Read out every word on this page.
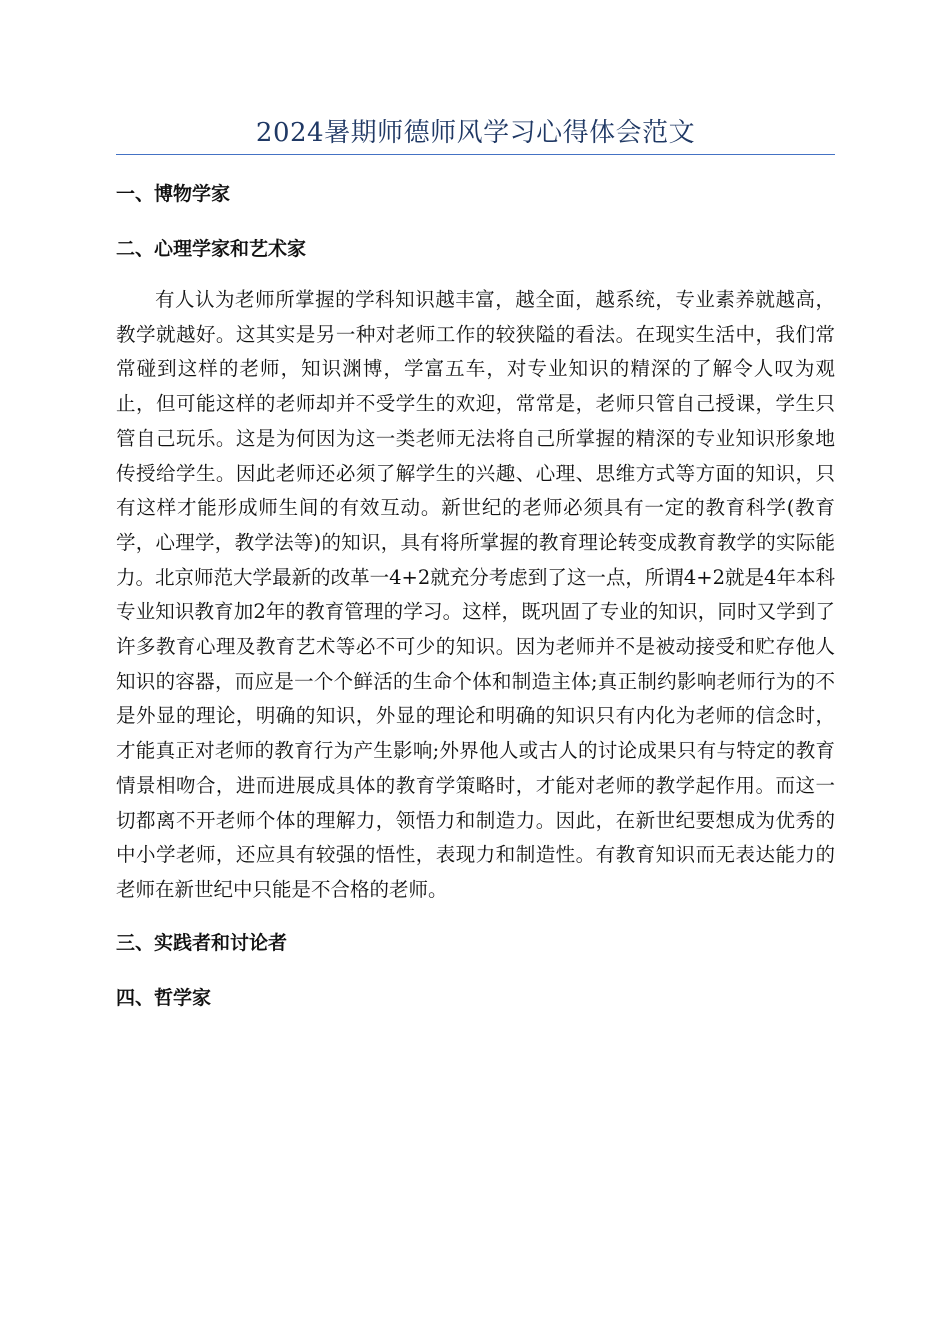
2024暑期师德师风学习心得体会范文
一、博物学家
二、心理学家和艺术家

有人认为老师所掌握的学科知识越丰富，越全面，越系统，专业素养就越高，教学就越好。这其实是另一种对老师工作的较狭隘的看法。在现实生活中，我们常常碰到这样的老师，知识渊博，学富五车，对专业知识的精深的了解令人叹为观止，但可能这样的老师却并不受学生的欢迎，常常是，老师只管自己授课，学生只管自己玩乐。这是为何因为这一类老师无法将自己所掌握的精深的专业知识形象地传授给学生。因此老师还必须了解学生的兴趣、心理、思维方式等方面的知识，只有这样才能形成师生间的有效互动。新世纪的老师必须具有一定的教育科学(教育学，心理学，教学法等)的知识，具有将所掌握的教育理论转变成教育教学的实际能力。北京师范大学最新的改革一4+2就充分考虑到了这一点，所谓4+2就是4年本科专业知识教育加2年的教育管理的学习。这样，既巩固了专业的知识，同时又学到了许多教育心理及教育艺术等必不可少的知识。因为老师并不是被动接受和贮存他人知识的容器，而应是一个个鲜活的生命个体和制造主体;真正制约影响老师行为的不是外显的理论，明确的知识，外显的理论和明确的知识只有内化为老师的信念时，才能真正对老师的教育行为产生影响;外界他人或古人的讨论成果只有与特定的教育情景相吻合，进而进展成具体的教育学策略时，才能对老师的教学起作用。而这一切都离不开老师个体的理解力，领悟力和制造力。因此，在新世纪要想成为优秀的中小学老师，还应具有较强的悟性，表现力和制造性。有教育知识而无表达能力的老师在新世纪中只能是不合格的老师。

三、实践者和讨论者
四、哲学家
